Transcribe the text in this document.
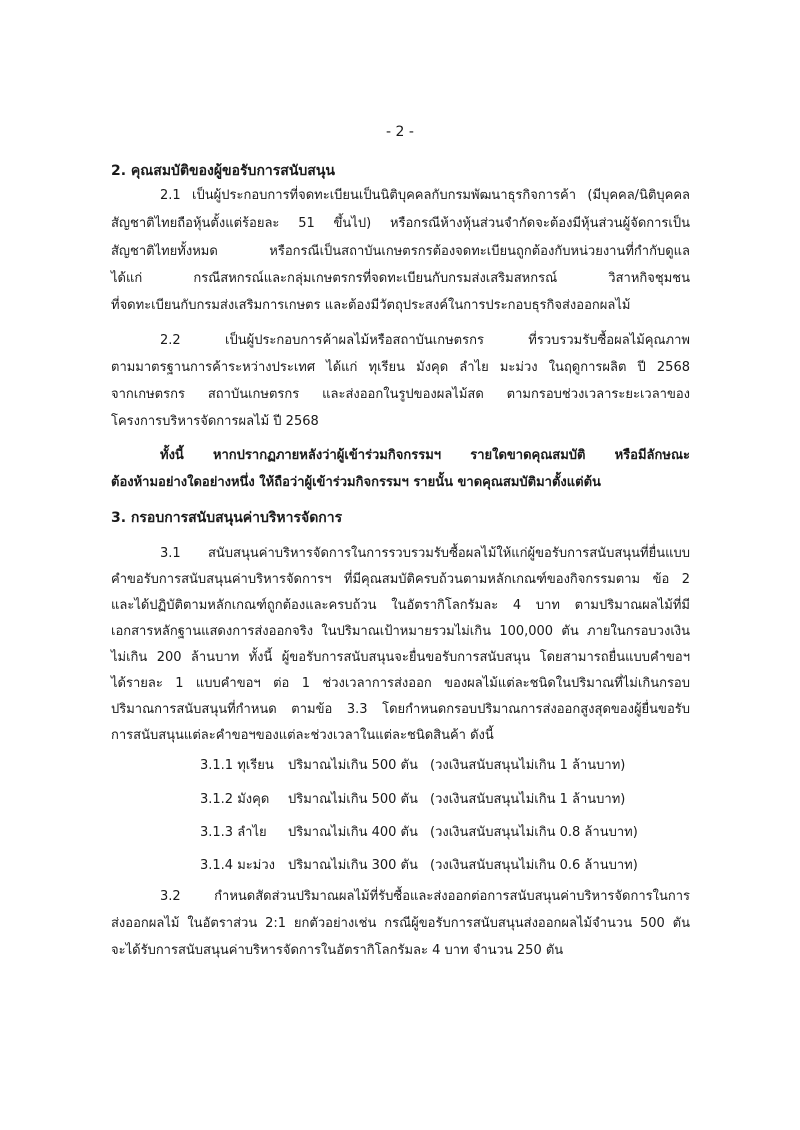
- 2 -
2. คุณสมบัติของผู้ขอรับการสนับสนุน
2.1 เป็นผู้ประกอบการที่จดทะเบียนเป็นนิติบุคคลกับกรมพัฒนาธุรกิจการค้า (มีบุคคล/นิติบุคคล
สัญชาติไทยถือหุ้นตั้งแต่ร้อยละ 51 ขึ้นไป) หรือกรณีห้างหุ้นส่วนจำกัดจะต้องมีหุ้นส่วนผู้จัดการเป็น
สัญชาติไทยทั้งหมด หรือกรณีเป็นสถาบันเกษตรกรต้องจดทะเบียนถูกต้องกับหน่วยงานที่กำกับดูแล
ได้แก่ กรณีสหกรณ์และกลุ่มเกษตรกรที่จดทะเบียนกับกรมส่งเสริมสหกรณ์ วิสาหกิจชุมชน
ที่จดทะเบียนกับกรมส่งเสริมการเกษตร และต้องมีวัตถุประสงค์ในการประกอบธุรกิจส่งออกผลไม้
2.2 เป็นผู้ประกอบการค้าผลไม้หรือสถาบันเกษตรกร ที่รวบรวมรับซื้อผลไม้คุณภาพ
ตามมาตรฐานการค้าระหว่างประเทศ ได้แก่ ทุเรียน มังคุด ลำไย มะม่วง ในฤดูการผลิต ปี 2568
จากเกษตรกร สถาบันเกษตรกร และส่งออกในรูปของผลไม้สด ตามกรอบช่วงเวลาระยะเวลาของ
โครงการบริหารจัดการผลไม้ ปี 2568
ทั้งนี้ หากปรากฏภายหลังว่าผู้เข้าร่วมกิจกรรมฯ รายใดขาดคุณสมบัติ หรือมีลักษณะ
ต้องห้ามอย่างใดอย่างหนึ่ง ให้ถือว่าผู้เข้าร่วมกิจกรรมฯ รายนั้น ขาดคุณสมบัติมาตั้งแต่ต้น
3. กรอบการสนับสนุนค่าบริหารจัดการ
3.1 สนับสนุนค่าบริหารจัดการในการรวบรวมรับซื้อผลไม้ให้แก่ผู้ขอรับการสนับสนุนที่ยื่นแบบ
คำขอรับการสนับสนุนค่าบริหารจัดการฯ ที่มีคุณสมบัติครบถ้วนตามหลักเกณฑ์ของกิจกรรมตาม ข้อ 2
และได้ปฏิบัติตามหลักเกณฑ์ถูกต้องและครบถ้วน ในอัตรากิโลกรัมละ 4 บาท ตามปริมาณผลไม้ที่มี
เอกสารหลักฐานแสดงการส่งออกจริง ในปริมาณเป้าหมายรวมไม่เกิน 100,000 ตัน ภายในกรอบวงเงิน
ไม่เกิน 200 ล้านบาท ทั้งนี้ ผู้ขอรับการสนับสนุนจะยื่นขอรับการสนับสนุน โดยสามารถยื่นแบบคำขอฯ
ได้รายละ 1 แบบคำขอฯ ต่อ 1 ช่วงเวลาการส่งออก ของผลไม้แต่ละชนิดในปริมาณที่ไม่เกินกรอบ
ปริมาณการสนับสนุนที่กำหนด ตามข้อ 3.3 โดยกำหนดกรอบปริมาณการส่งออกสูงสุดของผู้ยื่นขอรับ
การสนับสนุนแต่ละคำขอฯของแต่ละช่วงเวลาในแต่ละชนิดสินค้า ดังนี้
3.1.1 ทุเรียน ปริมาณไม่เกิน 500 ตัน (วงเงินสนับสนุนไม่เกิน 1 ล้านบาท)
3.1.2 มังคุด ปริมาณไม่เกิน 500 ตัน (วงเงินสนับสนุนไม่เกิน 1 ล้านบาท)
3.1.3 ลำไย ปริมาณไม่เกิน 400 ตัน (วงเงินสนับสนุนไม่เกิน 0.8 ล้านบาท)
3.1.4 มะม่วง ปริมาณไม่เกิน 300 ตัน (วงเงินสนับสนุนไม่เกิน 0.6 ล้านบาท)
3.2 กำหนดสัดส่วนปริมาณผลไม้ที่รับซื้อและส่งออกต่อการสนับสนุนค่าบริหารจัดการในการ
ส่งออกผลไม้ ในอัตราส่วน 2:1 ยกตัวอย่างเช่น กรณีผู้ขอรับการสนับสนุนส่งออกผลไม้จำนวน 500 ตัน
จะได้รับการสนับสนุนค่าบริหารจัดการในอัตรากิโลกรัมละ 4 บาท จำนวน 250 ตัน
